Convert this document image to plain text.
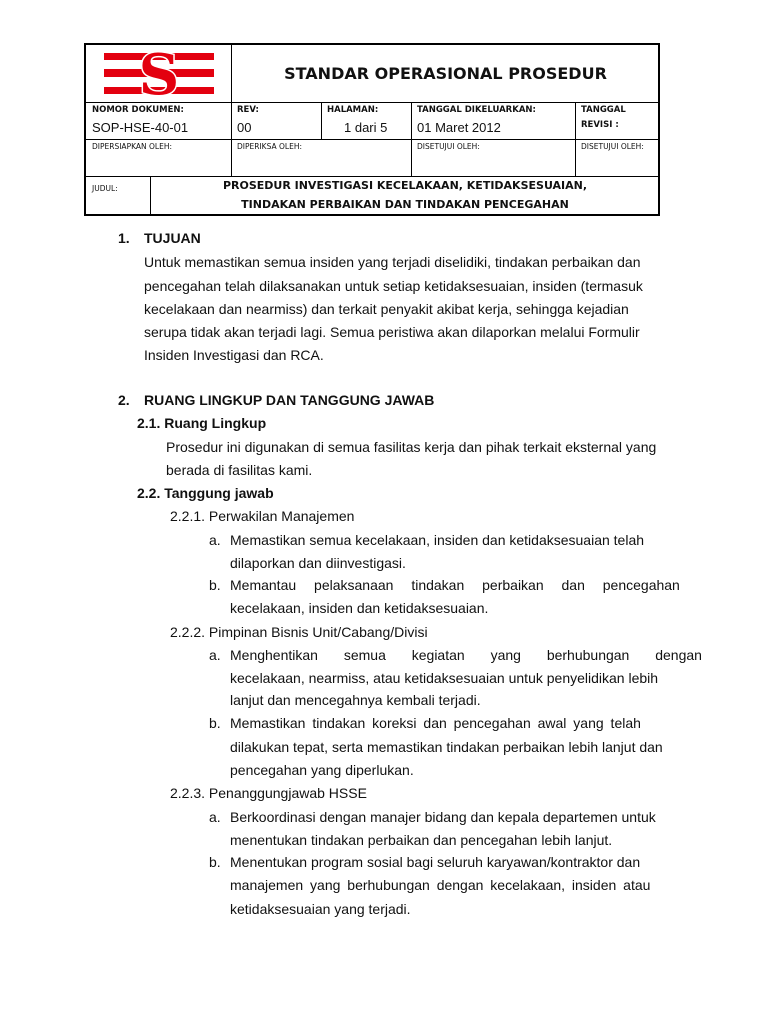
S	STANDAR OPERASIONAL PROSEDUR
NOMOR DOKUMEN:
SOP-HSE-40-01
REV:
00
HALAMAN:
1 dari 5
TANGGAL DIKELUARKAN:
01 Maret 2012
TANGGAL
REVISI :
DIPERSIAPKAN OLEH:	DIPERIKSA OLEH:	DISETUJUI OLEH:	DISETUJUI OLEH:
JUDUL:	PROSEDUR INVESTIGASI KECELAKAAN, KETIDAKSESUAIAN,
TINDAKAN PERBAIKAN DAN TINDAKAN PENCEGAHAN
1. TUJUAN
Untuk memastikan semua insiden yang terjadi diselidiki, tindakan perbaikan dan
pencegahan telah dilaksanakan untuk setiap ketidaksesuaian, insiden (termasuk
kecelakaan dan nearmiss) dan terkait penyakit akibat kerja, sehingga kejadian
serupa tidak akan terjadi lagi. Semua peristiwa akan dilaporkan melalui Formulir
Insiden Investigasi dan RCA.
2. RUANG LINGKUP DAN TANGGUNG JAWAB
2.1. Ruang Lingkup
Prosedur ini digunakan di semua fasilitas kerja dan pihak terkait eksternal yang
berada di fasilitas kami.
2.2. Tanggung jawab
2.2.1. Perwakilan Manajemen
a. Memastikan semua kecelakaan, insiden dan ketidaksesuaian telah
dilaporkan dan diinvestigasi.
b. Memantau pelaksanaan tindakan perbaikan dan pencegahan
kecelakaan, insiden dan ketidaksesuaian.
2.2.2. Pimpinan Bisnis Unit/Cabang/Divisi
a. Menghentikan semua kegiatan yang berhubungan dengan
kecelakaan, nearmiss, atau ketidaksesuaian untuk penyelidikan lebih
lanjut dan mencegahnya kembali terjadi.
b. Memastikan tindakan koreksi dan pencegahan awal yang telah
dilakukan tepat, serta memastikan tindakan perbaikan lebih lanjut dan
pencegahan yang diperlukan.
2.2.3. Penanggungjawab HSSE
a. Berkoordinasi dengan manajer bidang dan kepala departemen untuk
menentukan tindakan perbaikan dan pencegahan lebih lanjut.
b. Menentukan program sosial bagi seluruh karyawan/kontraktor dan
manajemen yang berhubungan dengan kecelakaan, insiden atau
ketidaksesuaian yang terjadi.
